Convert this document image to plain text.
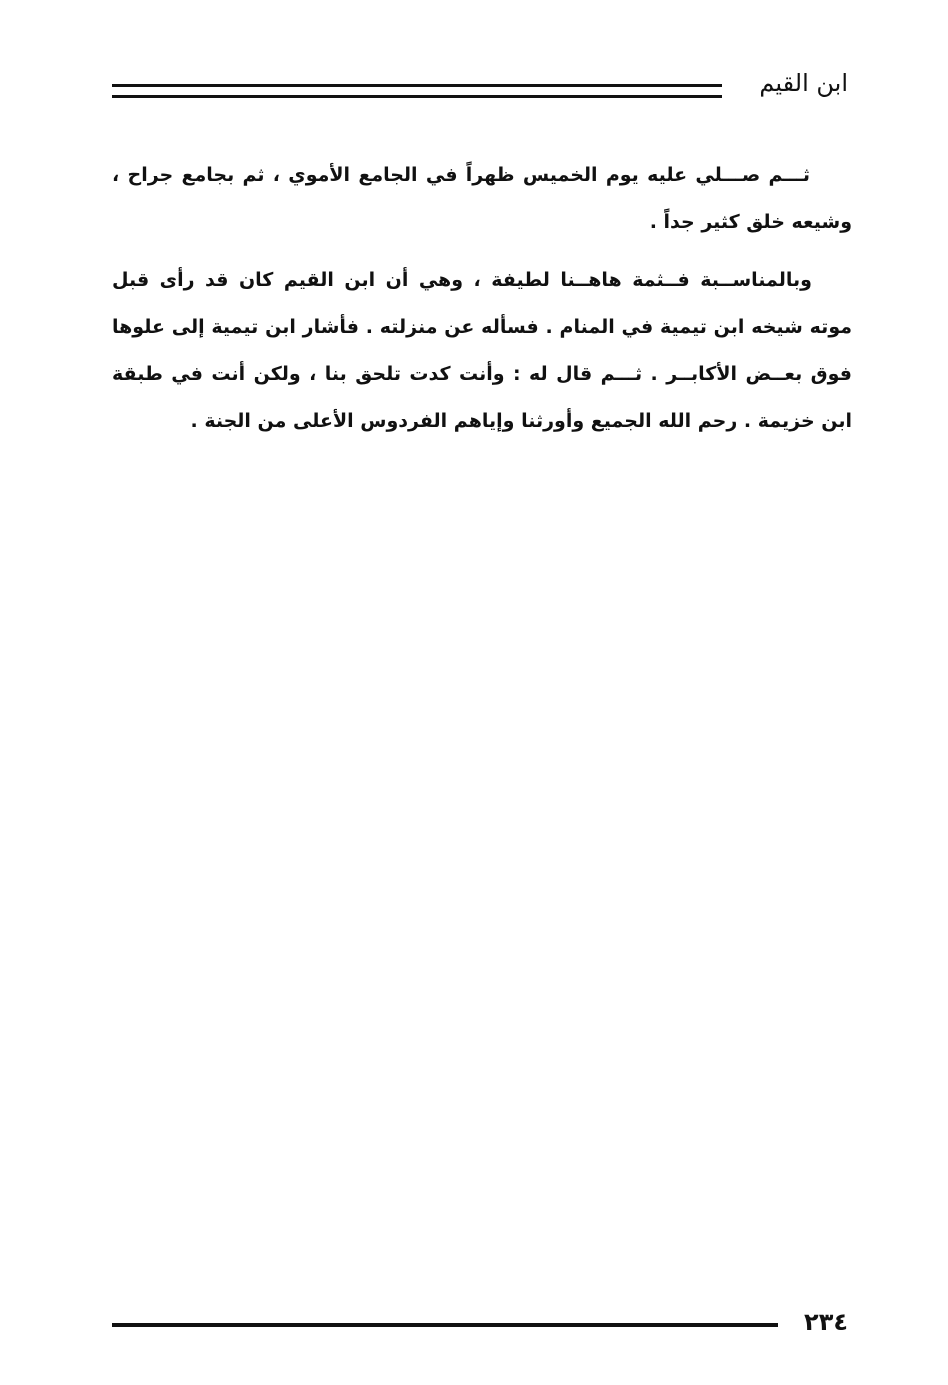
ابن القيم

ثـــم صـــلي عليه يوم الخميس ظهراً في الجامع الأموي ، ثم بجامع جراح ، وشيعه خلق كثير جداً .

وبالمناســبة فــثمة هاهــنا لطيفة ، وهي أن ابن القيم كان قد رأى قبل موته شيخه ابن تيمية في المنام . فسأله عن منزلته . فأشار ابن تيمية إلى علوها فوق بعــض الأكابــر . ثـــم قال له : وأنت كدت تلحق بنا ، ولكن أنت في طبقة ابن خزيمة . رحم الله الجميع وأورثنا وإياهم الفردوس الأعلى من الجنة .

٢٣٤
